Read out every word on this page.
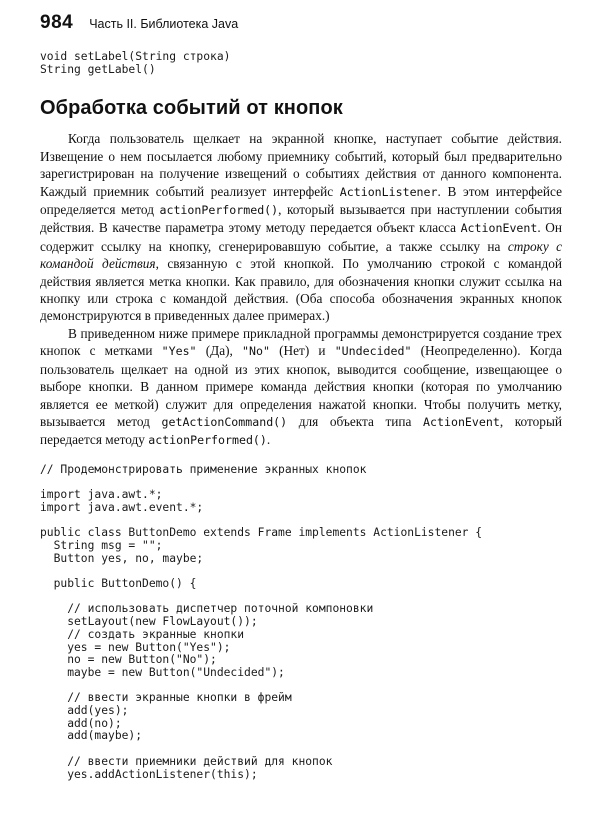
984 Часть II. Библиотека Java
void setLabel(String строка)
String getLabel()
Обработка событий от кнопок

Когда пользователь щелкает на экранной кнопке, наступает событие действия. Извещение о нем посылается любому приемнику событий, который был предварительно зарегистрирован на получение извещений о событиях действия от данного компонента. Каждый приемник событий реализует интерфейс ActionListener. В этом интерфейсе определяется метод actionPerformed(), который вызывается при наступлении события действия. В качестве параметра этому методу передается объект класса ActionEvent. Он содержит ссылку на кнопку, сгенерировавшую событие, а также ссылку на строку с командой действия, связанную с этой кнопкой. По умолчанию строкой с командой действия является метка кнопки. Как правило, для обозначения кнопки служит ссылка на кнопку или строка с командой действия. (Оба способа обозначения экранных кнопок демонстрируются в приведенных далее примерах.)

В приведенном ниже примере прикладной программы демонстрируется создание трех кнопок с метками "Yes" (Да), "No" (Нет) и "Undecided" (Неопределенно). Когда пользователь щелкает на одной из этих кнопок, выводится сообщение, извещающее о выборе кнопки. В данном примере команда действия кнопки (которая по умолчанию является ее меткой) служит для определения нажатой кнопки. Чтобы получить метку, вызывается метод getActionCommand() для объекта типа ActionEvent, который передается методу actionPerformed().

// Продемонстрировать применение экранных кнопок

import java.awt.*;
import java.awt.event.*;

public class ButtonDemo extends Frame implements ActionListener {
String msg = "";
Button yes, no, maybe;

public ButtonDemo() {

// использовать диспетчер поточной компоновки
setLayout(new FlowLayout());
// создать экранные кнопки
yes = new Button("Yes");
no = new Button("No");
maybe = new Button("Undecided");

// ввести экранные кнопки в фрейм
add(yes);
add(no);
add(maybe);

// ввести приемники действий для кнопок
yes.addActionListener(this);
